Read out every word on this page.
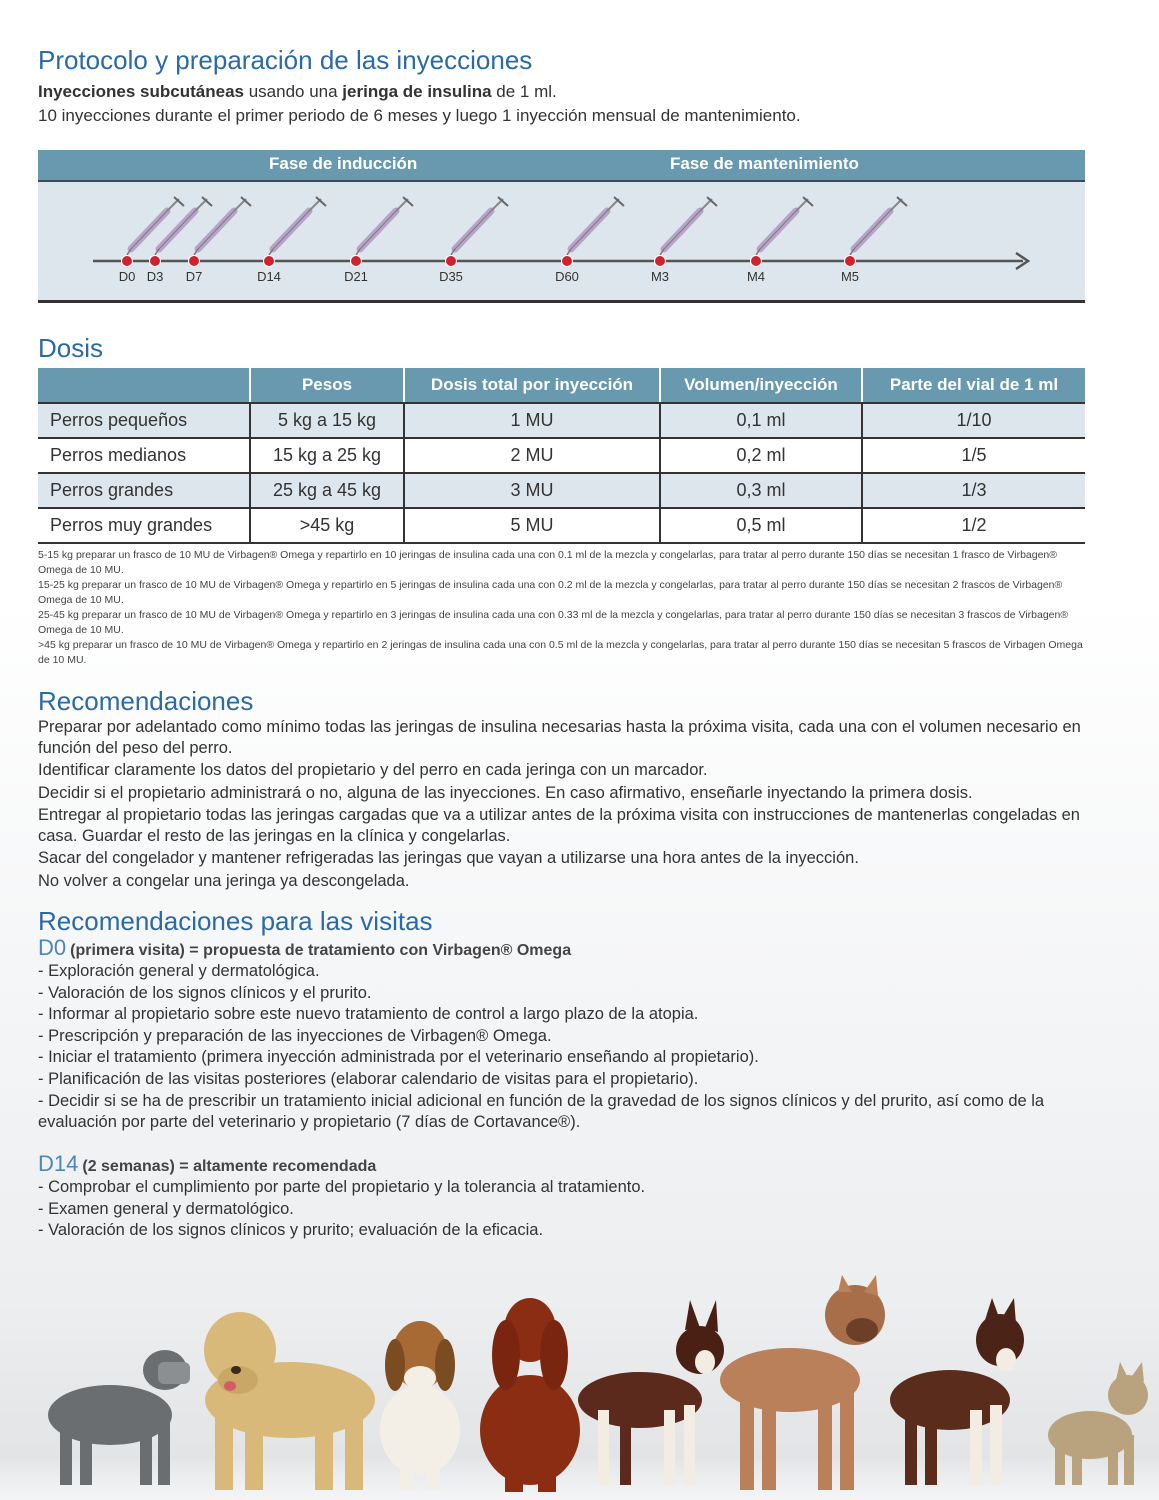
Protocolo y preparación de las inyecciones
Inyecciones subcutáneas usando una jeringa de insulina de 1 ml.
10 inyecciones durante el primer periodo de 6 meses y luego 1 inyección mensual de mantenimiento.
Fase de inducción	Fase de mantenimiento
D0 D3 D7	D14	D21	D35	D60	M3	M4	M5
Dosis
	Pesos	Dosis total por inyección	Volumen/inyección	Parte del vial de 1 ml
Perros pequeños	5 kg a 15 kg	1 MU	0,1 ml	1/10
Perros medianos	15 kg a 25 kg	2 MU	0,2 ml	1/5
Perros grandes	25 kg a 45 kg	3 MU	0,3 ml	1/3
Perros muy grandes	>45 kg	5 MU	0,5 ml	1/2
5-15 kg preparar un frasco de 10 MU de Virbagen® Omega y repartirlo en 10 jeringas de insulina cada una con 0.1 ml de la mezcla y congelarlas, para tratar al perro durante 150 días se necesitan 1 frasco de Virbagen® Omega de 10 MU.
15-25 kg preparar un frasco de 10 MU de Virbagen® Omega y repartirlo en 5 jeringas de insulina cada una con 0.2 ml de la mezcla y congelarlas, para tratar al perro durante 150 días se necesitan 2 frascos de Virbagen® Omega de 10 MU.
25-45 kg preparar un frasco de 10 MU de Virbagen® Omega y repartirlo en 3 jeringas de insulina cada una con 0.33 ml de la mezcla y congelarlas, para tratar al perro durante 150 días se necesitan 3 frascos de Virbagen® Omega de 10 MU.
>45 kg preparar un frasco de 10 MU de Virbagen® Omega y repartirlo en 2 jeringas de insulina cada una con 0.5 ml de la mezcla y congelarlas, para tratar al perro durante 150 días se necesitan 5 frascos de Virbagen Omega de 10 MU.
Recomendaciones
Preparar por adelantado como mínimo todas las jeringas de insulina necesarias hasta la próxima visita, cada una con el volumen necesario en función del peso del perro.
Identificar claramente los datos del propietario y del perro en cada jeringa con un marcador.
Decidir si el propietario administrará o no, alguna de las inyecciones. En caso afirmativo, enseñarle inyectando la primera dosis.
Entregar al propietario todas las jeringas cargadas que va a utilizar antes de la próxima visita con instrucciones de mantenerlas congeladas en casa. Guardar el resto de las jeringas en la clínica y congelarlas.
Sacar del congelador y mantener refrigeradas las jeringas que vayan a utilizarse una hora antes de la inyección.
No volver a congelar una jeringa ya descongelada.
Recomendaciones para las visitas
D0 (primera visita) = propuesta de tratamiento con Virbagen® Omega
- Exploración general y dermatológica.
- Valoración de los signos clínicos y el prurito.
- Informar al propietario sobre este nuevo tratamiento de control a largo plazo de la atopia.
- Prescripción y preparación de las inyecciones de Virbagen® Omega.
- Iniciar el tratamiento (primera inyección administrada por el veterinario enseñando al propietario).
- Planificación de las visitas posteriores (elaborar calendario de visitas para el propietario).
- Decidir si se ha de prescribir un tratamiento inicial adicional en función de la gravedad de los signos clínicos y del prurito, así como de la evaluación por parte del veterinario y propietario (7 días de Cortavance®).
D14 (2 semanas) = altamente recomendada
- Comprobar el cumplimiento por parte del propietario y la tolerancia al tratamiento.
- Examen general y dermatológico.
- Valoración de los signos clínicos y prurito; evaluación de la eficacia.
